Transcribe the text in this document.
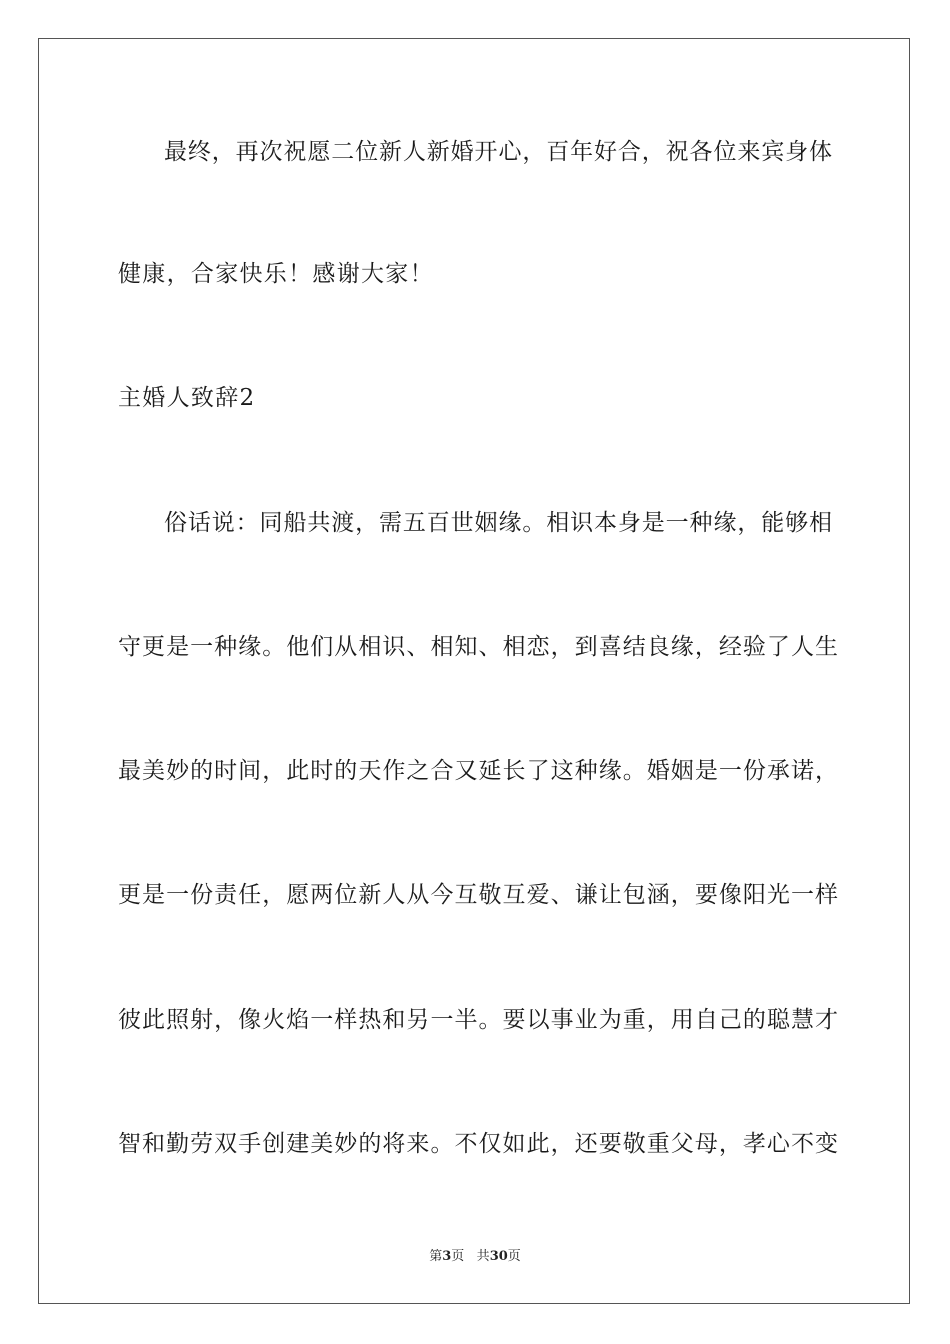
最终，再次祝愿二位新人新婚开心，百年好合，祝各位来宾身体
健康，合家快乐！感谢大家！
主婚人致辞2
俗话说：同船共渡，需五百世姻缘。相识本身是一种缘，能够相
守更是一种缘。他们从相识、相知、相恋，到喜结良缘，经验了人生
最美妙的时间，此时的天作之合又延长了这种缘。婚姻是一份承诺，
更是一份责任，愿两位新人从今互敬互爱、谦让包涵，要像阳光一样
彼此照射，像火焰一样热和另一半。要以事业为重，用自己的聪慧才
智和勤劳双手创建美妙的将来。不仅如此，还要敬重父母，孝心不变
第3页 共30页
